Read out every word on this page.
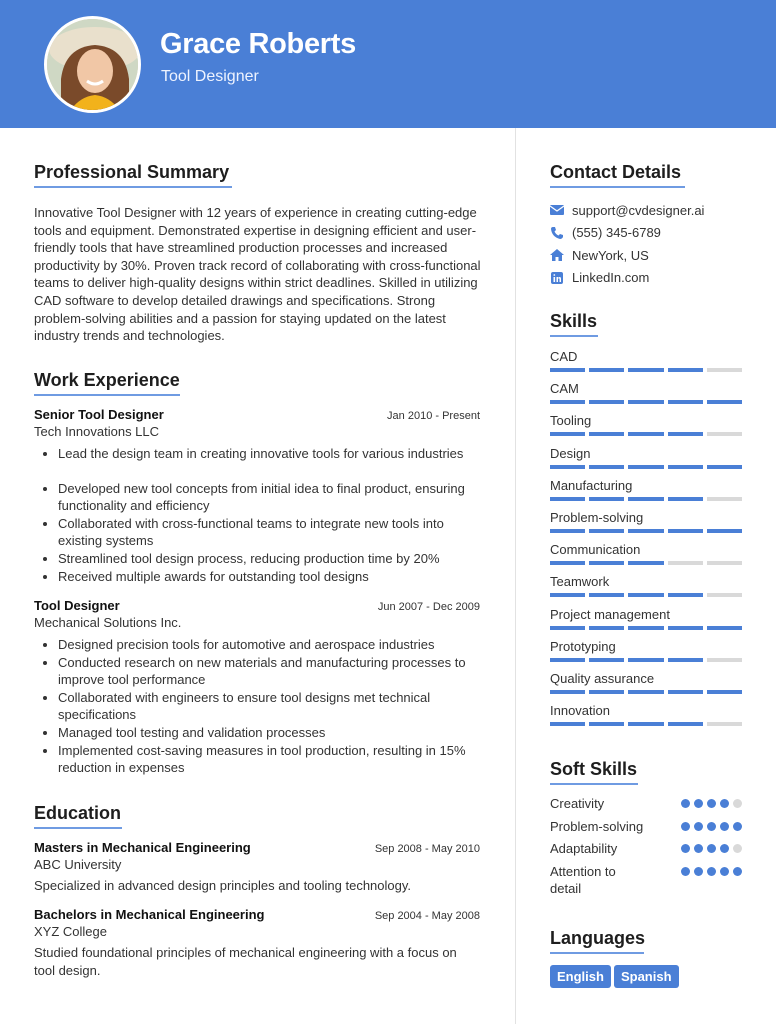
Grace Roberts
Tool Designer
Professional Summary
Innovative Tool Designer with 12 years of experience in creating cutting-edge tools and equipment. Demonstrated expertise in designing efficient and user-friendly tools that have streamlined production processes and increased productivity by 30%. Proven track record of collaborating with cross-functional teams to deliver high-quality designs within strict deadlines. Skilled in utilizing CAD software to develop detailed drawings and specifications. Strong problem-solving abilities and a passion for staying updated on the latest industry trends and technologies.
Work Experience
Senior Tool Designer	Jan 2010 - Present
Tech Innovations LLC
Lead the design team in creating innovative tools for various industries
Developed new tool concepts from initial idea to final product, ensuring functionality and efficiency
Collaborated with cross-functional teams to integrate new tools into existing systems
Streamlined tool design process, reducing production time by 20%
Received multiple awards for outstanding tool designs
Tool Designer	Jun 2007 - Dec 2009
Mechanical Solutions Inc.
Designed precision tools for automotive and aerospace industries
Conducted research on new materials and manufacturing processes to improve tool performance
Collaborated with engineers to ensure tool designs met technical specifications
Managed tool testing and validation processes
Implemented cost-saving measures in tool production, resulting in 15% reduction in expenses
Education
Masters in Mechanical Engineering	Sep 2008 - May 2010
ABC University
Specialized in advanced design principles and tooling technology.
Bachelors in Mechanical Engineering	Sep 2004 - May 2008
XYZ College
Studied foundational principles of mechanical engineering with a focus on tool design.
Contact Details
support@cvdesigner.ai
(555) 345-6789
NewYork, US
LinkedIn.com
Skills
CAD
CAM
Tooling
Design
Manufacturing
Problem-solving
Communication
Teamwork
Project management
Prototyping
Quality assurance
Innovation
Soft Skills
Creativity
Problem-solving
Adaptability
Attention to detail
Languages
English Spanish
